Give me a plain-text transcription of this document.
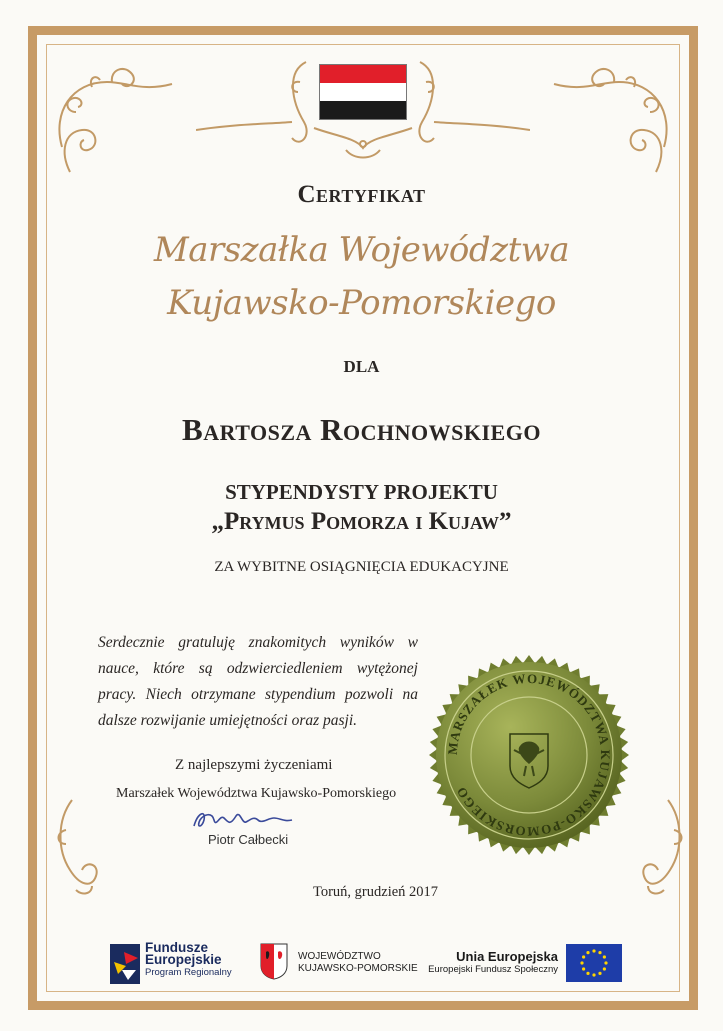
Certyfikat
Marszałka Województwa
Kujawsko-Pomorskiego
DLA
Bartosza Rochnowskiego
STYPENDYSTY PROJEKTU
„Prymus Pomorza i Kujaw”
ZA WYBITNE OSIĄGNIĘCIA EDUKACYJNE
Serdecznie gratuluję znakomitych wyników w nauce, które są odzwierciedleniem wytężonej pracy. Niech otrzymane stypendium pozwoli na dalsze rozwijanie umiejętności oraz pasji.
Z najlepszymi życzeniami
Marszałek Województwa Kujawsko-Pomorskiego
Piotr Całbecki
Toruń, grudzień 2017
MARSZAŁEK WOJEWÓDZTWA KUJAWSKO-POMORSKIEGO
Fundusze
Europejskie
Program Regionalny
WOJEWÓDZTWO
KUJAWSKO-POMORSKIE
Unia Europejska
Europejski Fundusz Społeczny
